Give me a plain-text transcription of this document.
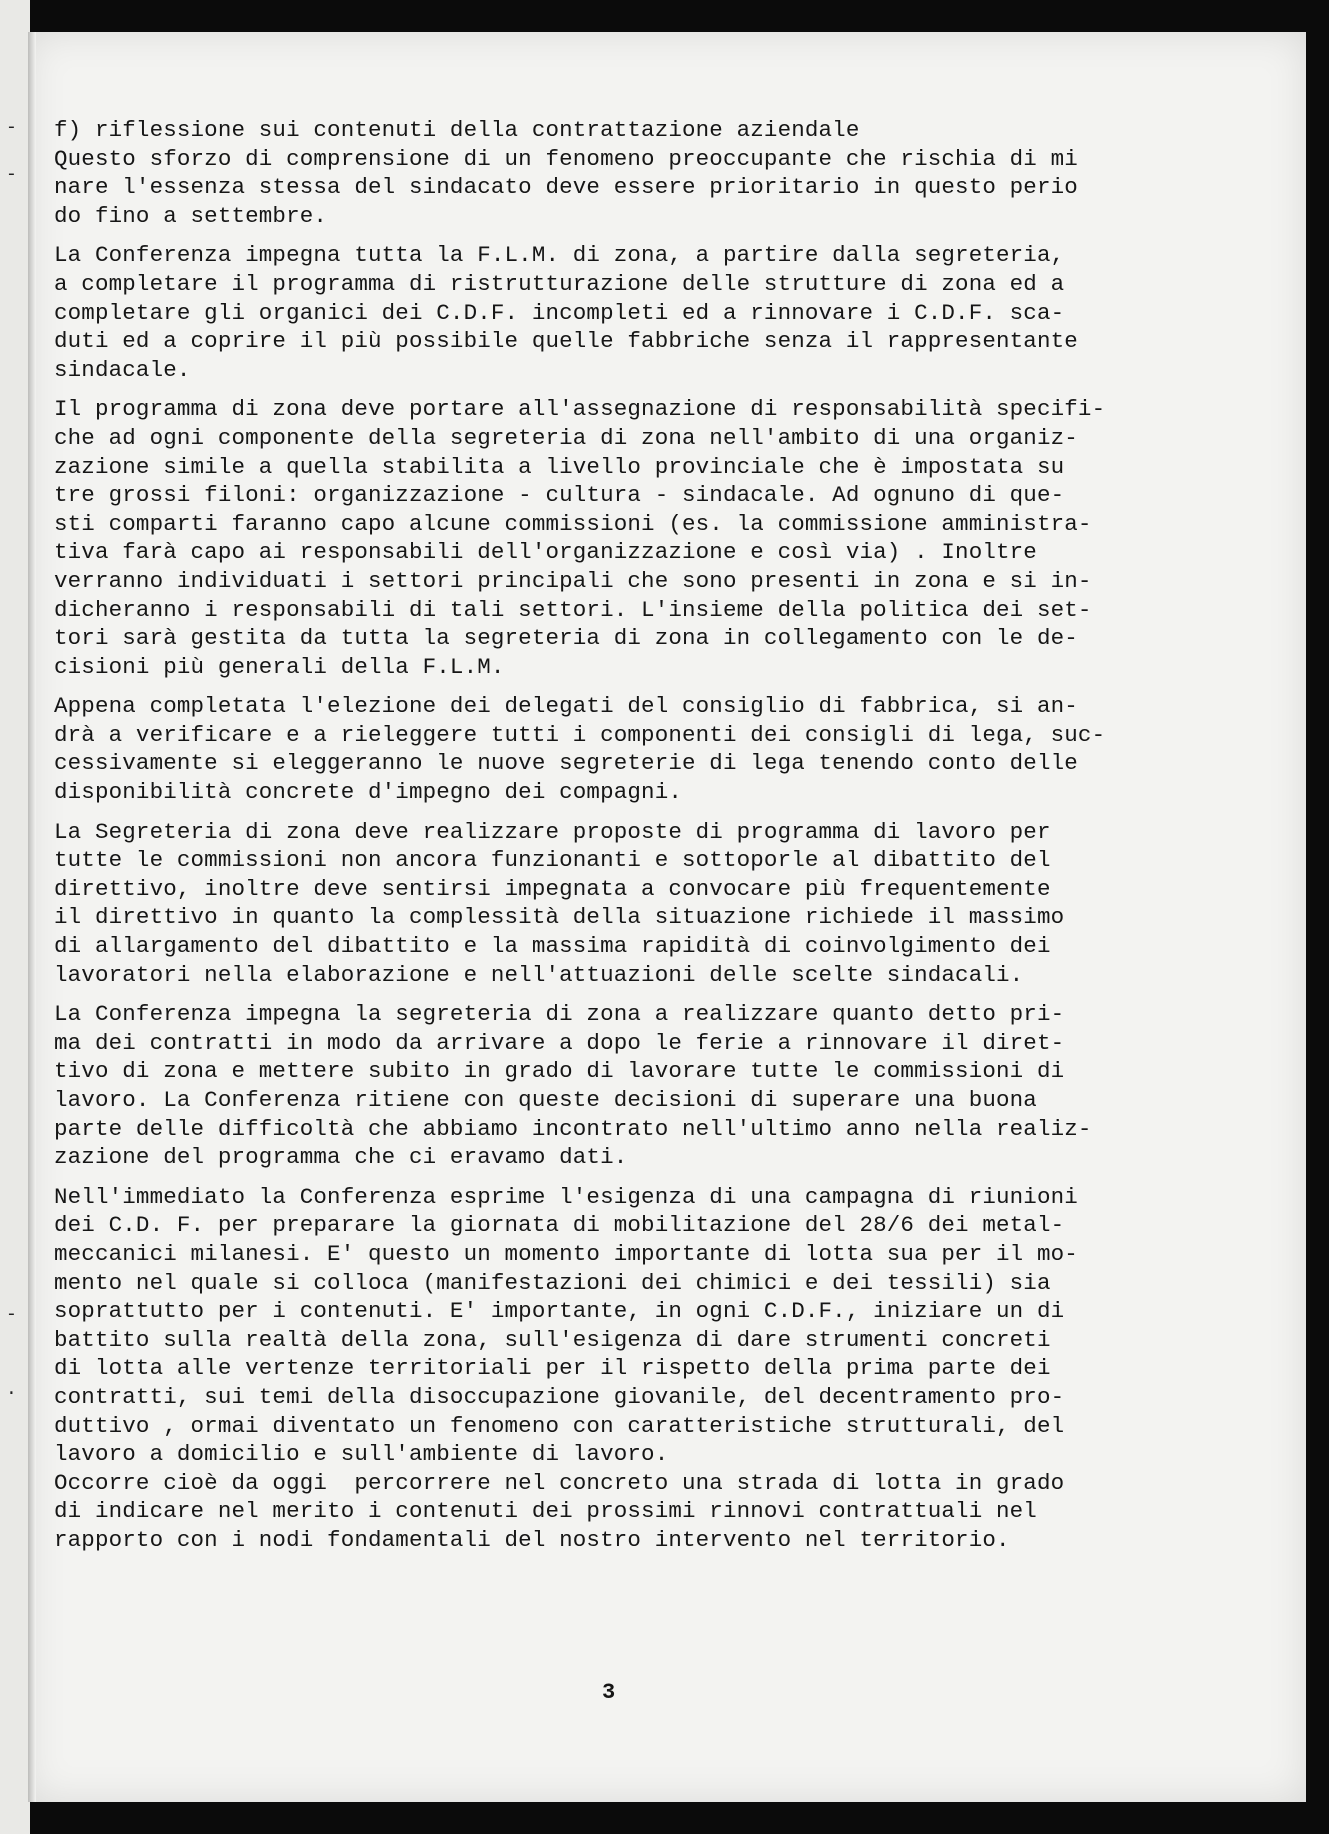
-
-
-
.
f) riflessione sui contenuti della contrattazione aziendale
Questo sforzo di comprensione di un fenomeno preoccupante che rischia di mi
nare l'essenza stessa del sindacato deve essere prioritario in questo perio
do fino a settembre.
La Conferenza impegna tutta la F.L.M. di zona, a partire dalla segreteria,
a completare il programma di ristrutturazione delle strutture di zona ed a
completare gli organici dei C.D.F. incompleti ed a rinnovare i C.D.F. sca-
duti ed a coprire il più possibile quelle fabbriche senza il rappresentante
sindacale.
Il programma di zona deve portare all'assegnazione di responsabilità specifi-
che ad ogni componente della segreteria di zona nell'ambito di una organiz-
zazione simile a quella stabilita a livello provinciale che è impostata su
tre grossi filoni: organizzazione - cultura - sindacale. Ad ognuno di que-
sti comparti faranno capo alcune commissioni (es. la commissione amministra-
tiva farà capo ai responsabili dell'organizzazione e così via) . Inoltre
verranno individuati i settori principali che sono presenti in zona e si in-
dicheranno i responsabili di tali settori. L'insieme della politica dei set-
tori sarà gestita da tutta la segreteria di zona in collegamento con le de-
cisioni più generali della F.L.M.
Appena completata l'elezione dei delegati del consiglio di fabbrica, si an-
drà a verificare e a rieleggere tutti i componenti dei consigli di lega, suc-
cessivamente si eleggeranno le nuove segreterie di lega tenendo conto delle
disponibilità concrete d'impegno dei compagni.
La Segreteria di zona deve realizzare proposte di programma di lavoro per
tutte le commissioni non ancora funzionanti e sottoporle al dibattito del
direttivo, inoltre deve sentirsi impegnata a convocare più frequentemente
il direttivo in quanto la complessità della situazione richiede il massimo
di allargamento del dibattito e la massima rapidità di coinvolgimento dei
lavoratori nella elaborazione e nell'attuazioni delle scelte sindacali.
La Conferenza impegna la segreteria di zona a realizzare quanto detto pri-
ma dei contratti in modo da arrivare a dopo le ferie a rinnovare il diret-
tivo di zona e mettere subito in grado di lavorare tutte le commissioni di
lavoro. La Conferenza ritiene con queste decisioni di superare una buona
parte delle difficoltà che abbiamo incontrato nell'ultimo anno nella realiz-
zazione del programma che ci eravamo dati.
Nell'immediato la Conferenza esprime l'esigenza di una campagna di riunioni
dei C.D. F. per preparare la giornata di mobilitazione del 28/6 dei metal-
meccanici milanesi. E' questo un momento importante di lotta sua per il mo-
mento nel quale si colloca (manifestazioni dei chimici e dei tessili) sia
soprattutto per i contenuti. E' importante, in ogni C.D.F., iniziare un di
battito sulla realtà della zona, sull'esigenza di dare strumenti concreti
di lotta alle vertenze territoriali per il rispetto della prima parte dei
contratti, sui temi della disoccupazione giovanile, del decentramento pro-
duttivo , ormai diventato un fenomeno con caratteristiche strutturali, del
lavoro a domicilio e sull'ambiente di lavoro.
Occorre cioè da oggi  percorrere nel concreto una strada di lotta in grado
di indicare nel merito i contenuti dei prossimi rinnovi contrattuali nel
rapporto con i nodi fondamentali del nostro intervento nel territorio.
3
